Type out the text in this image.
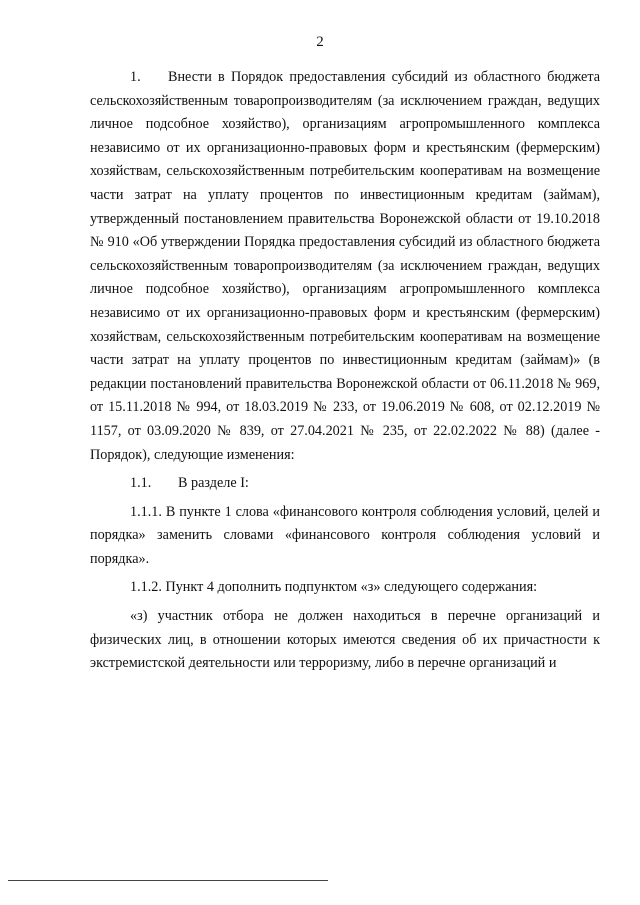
2

1. Внести в Порядок предоставления субсидий из областного бюджета сельскохозяйственным товаропроизводителям (за исключением граждан, ведущих личное подсобное хозяйство), организациям агропромышленного комплекса независимо от их организационно-правовых форм и крестьянским (фермерским) хозяйствам, сельскохозяйственным потребительским кооперативам на возмещение части затрат на уплату процентов по инвестиционным кредитам (займам), утвержденный постановлением правительства Воронежской области от 19.10.2018 № 910 «Об утверждении Порядка предоставления субсидий из областного бюджета сельскохозяйственным товаропроизводителям (за исключением граждан, ведущих личное подсобное хозяйство), организациям агропромышленного комплекса независимо от их организационно-правовых форм и крестьянским (фермерским) хозяйствам, сельскохозяйственным потребительским кооперативам на возмещение части затрат на уплату процентов по инвестиционным кредитам (займам)» (в редакции постановлений правительства Воронежской области от 06.11.2018 № 969, от 15.11.2018 № 994, от 18.03.2019 № 233, от 19.06.2019 № 608, от 02.12.2019 № 1157, от 03.09.2020 № 839, от 27.04.2021 № 235, от 22.02.2022 № 88) (далее - Порядок), следующие изменения:

1.1. В разделе I:

1.1.1. В пункте 1 слова «финансового контроля соблюдения условий, целей и порядка» заменить словами «финансового контроля соблюдения условий и порядка».

1.1.2. Пункт 4 дополнить подпунктом «з» следующего содержания:

«з) участник отбора не должен находиться в перечне организаций и физических лиц, в отношении которых имеются сведения об их причастности к экстремистской деятельности или терроризму, либо в перечне организаций и
